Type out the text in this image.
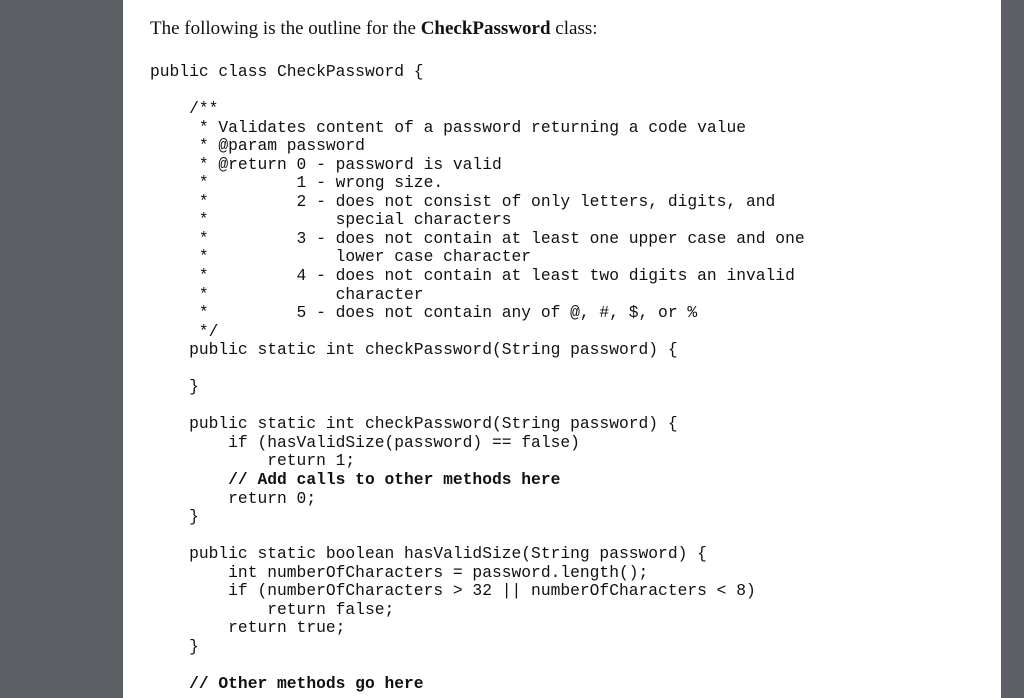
The following is the outline for the CheckPassword class:
public class CheckPassword {
/**
* Validates content of a password returning a code value
* @param password
* @return 0 - password is valid
*         1 - wrong size.
*         2 - does not consist of only letters, digits, and
*             special characters
*         3 - does not contain at least one upper case and one
*             lower case character
*         4 - does not contain at least two digits an invalid
*             character
*         5 - does not contain any of @, #, $, or %
*/
public static int checkPassword(String password) {
}
public static int checkPassword(String password) {
if (hasValidSize(password) == false)
return 1;
// Add calls to other methods here
return 0;
}
public static boolean hasValidSize(String password) {
int numberOfCharacters = password.length();
if (numberOfCharacters > 32 || numberOfCharacters < 8)
return false;
return true;
}
// Other methods go here
